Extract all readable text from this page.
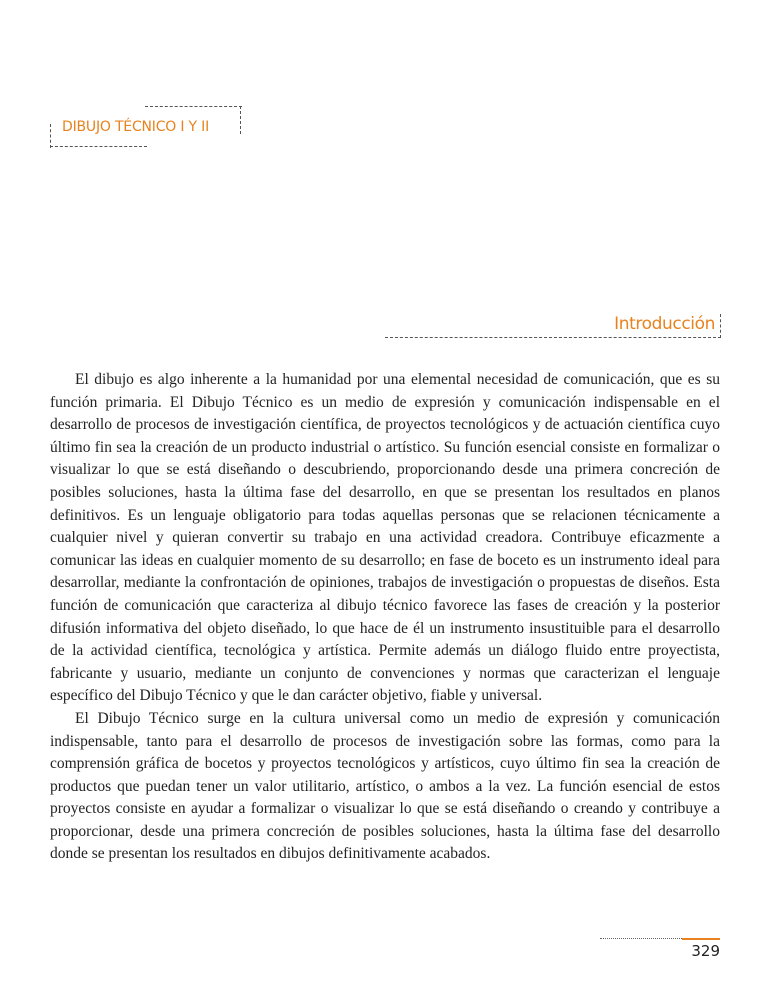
DIBUJO TÉCNICO I Y II
Introducción

El dibujo es algo inherente a la humanidad por una elemental necesidad de comunicación, que es su función primaria. El Dibujo Técnico es un medio de expresión y comunicación indispensable en el desarrollo de procesos de investigación científica, de proyectos tecnológicos y de actuación científica cuyo último fin sea la creación de un producto industrial o artístico. Su función esencial consiste en formalizar o visualizar lo que se está diseñando o descubriendo, proporcionando desde una primera concreción de posibles soluciones, hasta la última fase del desarrollo, en que se presentan los resultados en planos definitivos. Es un lenguaje obligatorio para todas aquellas personas que se relacionen técnicamente a cualquier nivel y quieran convertir su trabajo en una actividad creadora. Contribuye eficazmente a comunicar las ideas en cualquier momento de su desarrollo; en fase de boceto es un instrumento ideal para desarrollar, mediante la confrontación de opiniones, trabajos de investigación o propuestas de diseños. Esta función de comunicación que caracteriza al dibujo técnico favorece las fases de creación y la posterior difusión informativa del objeto diseñado, lo que hace de él un instrumento insustituible para el desarrollo de la actividad científica, tecnológica y artística. Permite además un diálogo fluido entre proyectista, fabricante y usuario, mediante un conjunto de convenciones y normas que caracterizan el lenguaje específico del Dibujo Técnico y que le dan carácter objetivo, fiable y universal.

El Dibujo Técnico surge en la cultura universal como un medio de expresión y comunicación indispensable, tanto para el desarrollo de procesos de investigación sobre las formas, como para la comprensión gráfica de bocetos y proyectos tecnológicos y artísticos, cuyo último fin sea la creación de productos que puedan tener un valor utilitario, artístico, o ambos a la vez. La función esencial de estos proyectos consiste en ayudar a formalizar o visualizar lo que se está diseñando o creando y contribuye a proporcionar, desde una primera concreción de posibles soluciones, hasta la última fase del desarrollo donde se presentan los resultados en dibujos definitivamente acabados.

329
